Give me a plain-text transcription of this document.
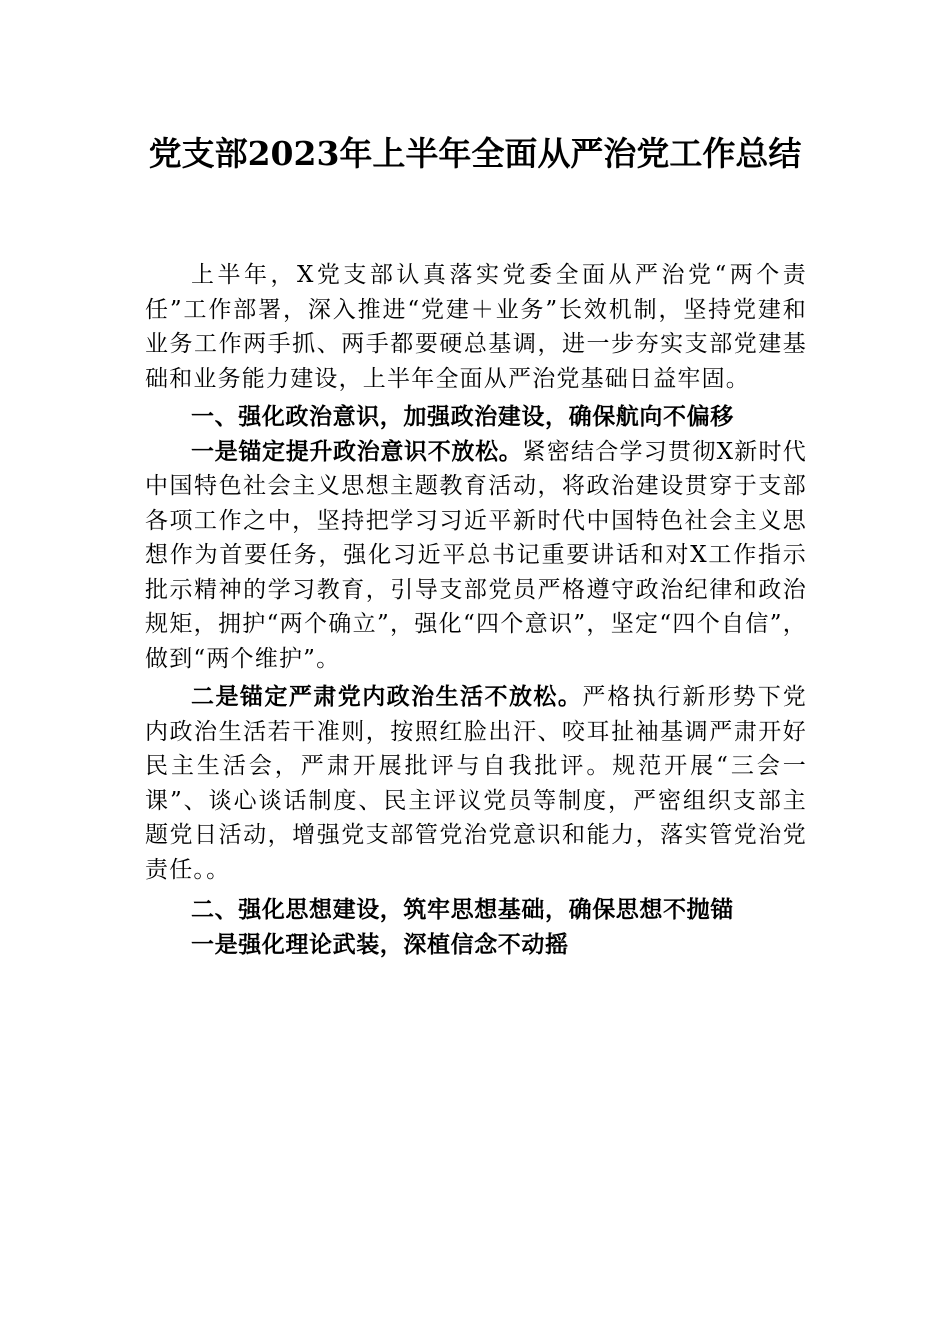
党支部2023年上半年全面从严治党工作总结

上半年，X党支部认真落实党委全面从严治党“两个责任”工作部署，深入推进“党建＋业务”长效机制，坚持党建和业务工作两手抓、两手都要硬总基调，进一步夯实支部党建基础和业务能力建设，上半年全面从严治党基础日益牢固。

一、强化政治意识，加强政治建设，确保航向不偏移

一是锚定提升政治意识不放松。紧密结合学习贯彻X新时代中国特色社会主义思想主题教育活动，将政治建设贯穿于支部各项工作之中，坚持把学习习近平新时代中国特色社会主义思想作为首要任务，强化习近平总书记重要讲话和对X工作指示批示精神的学习教育，引导支部党员严格遵守政治纪律和政治规矩，拥护“两个确立”，强化“四个意识”，坚定“四个自信”，做到“两个维护”。

二是锚定严肃党内政治生活不放松。严格执行新形势下党内政治生活若干准则，按照红脸出汗、咬耳扯袖基调严肃开好民主生活会，严肃开展批评与自我批评。规范开展“三会一课”、谈心谈话制度、民主评议党员等制度，严密组织支部主题党日活动，增强党支部管党治党意识和能力，落实管党治党责任。。

二、强化思想建设，筑牢思想基础，确保思想不抛锚

一是强化理论武装，深植信念不动摇
